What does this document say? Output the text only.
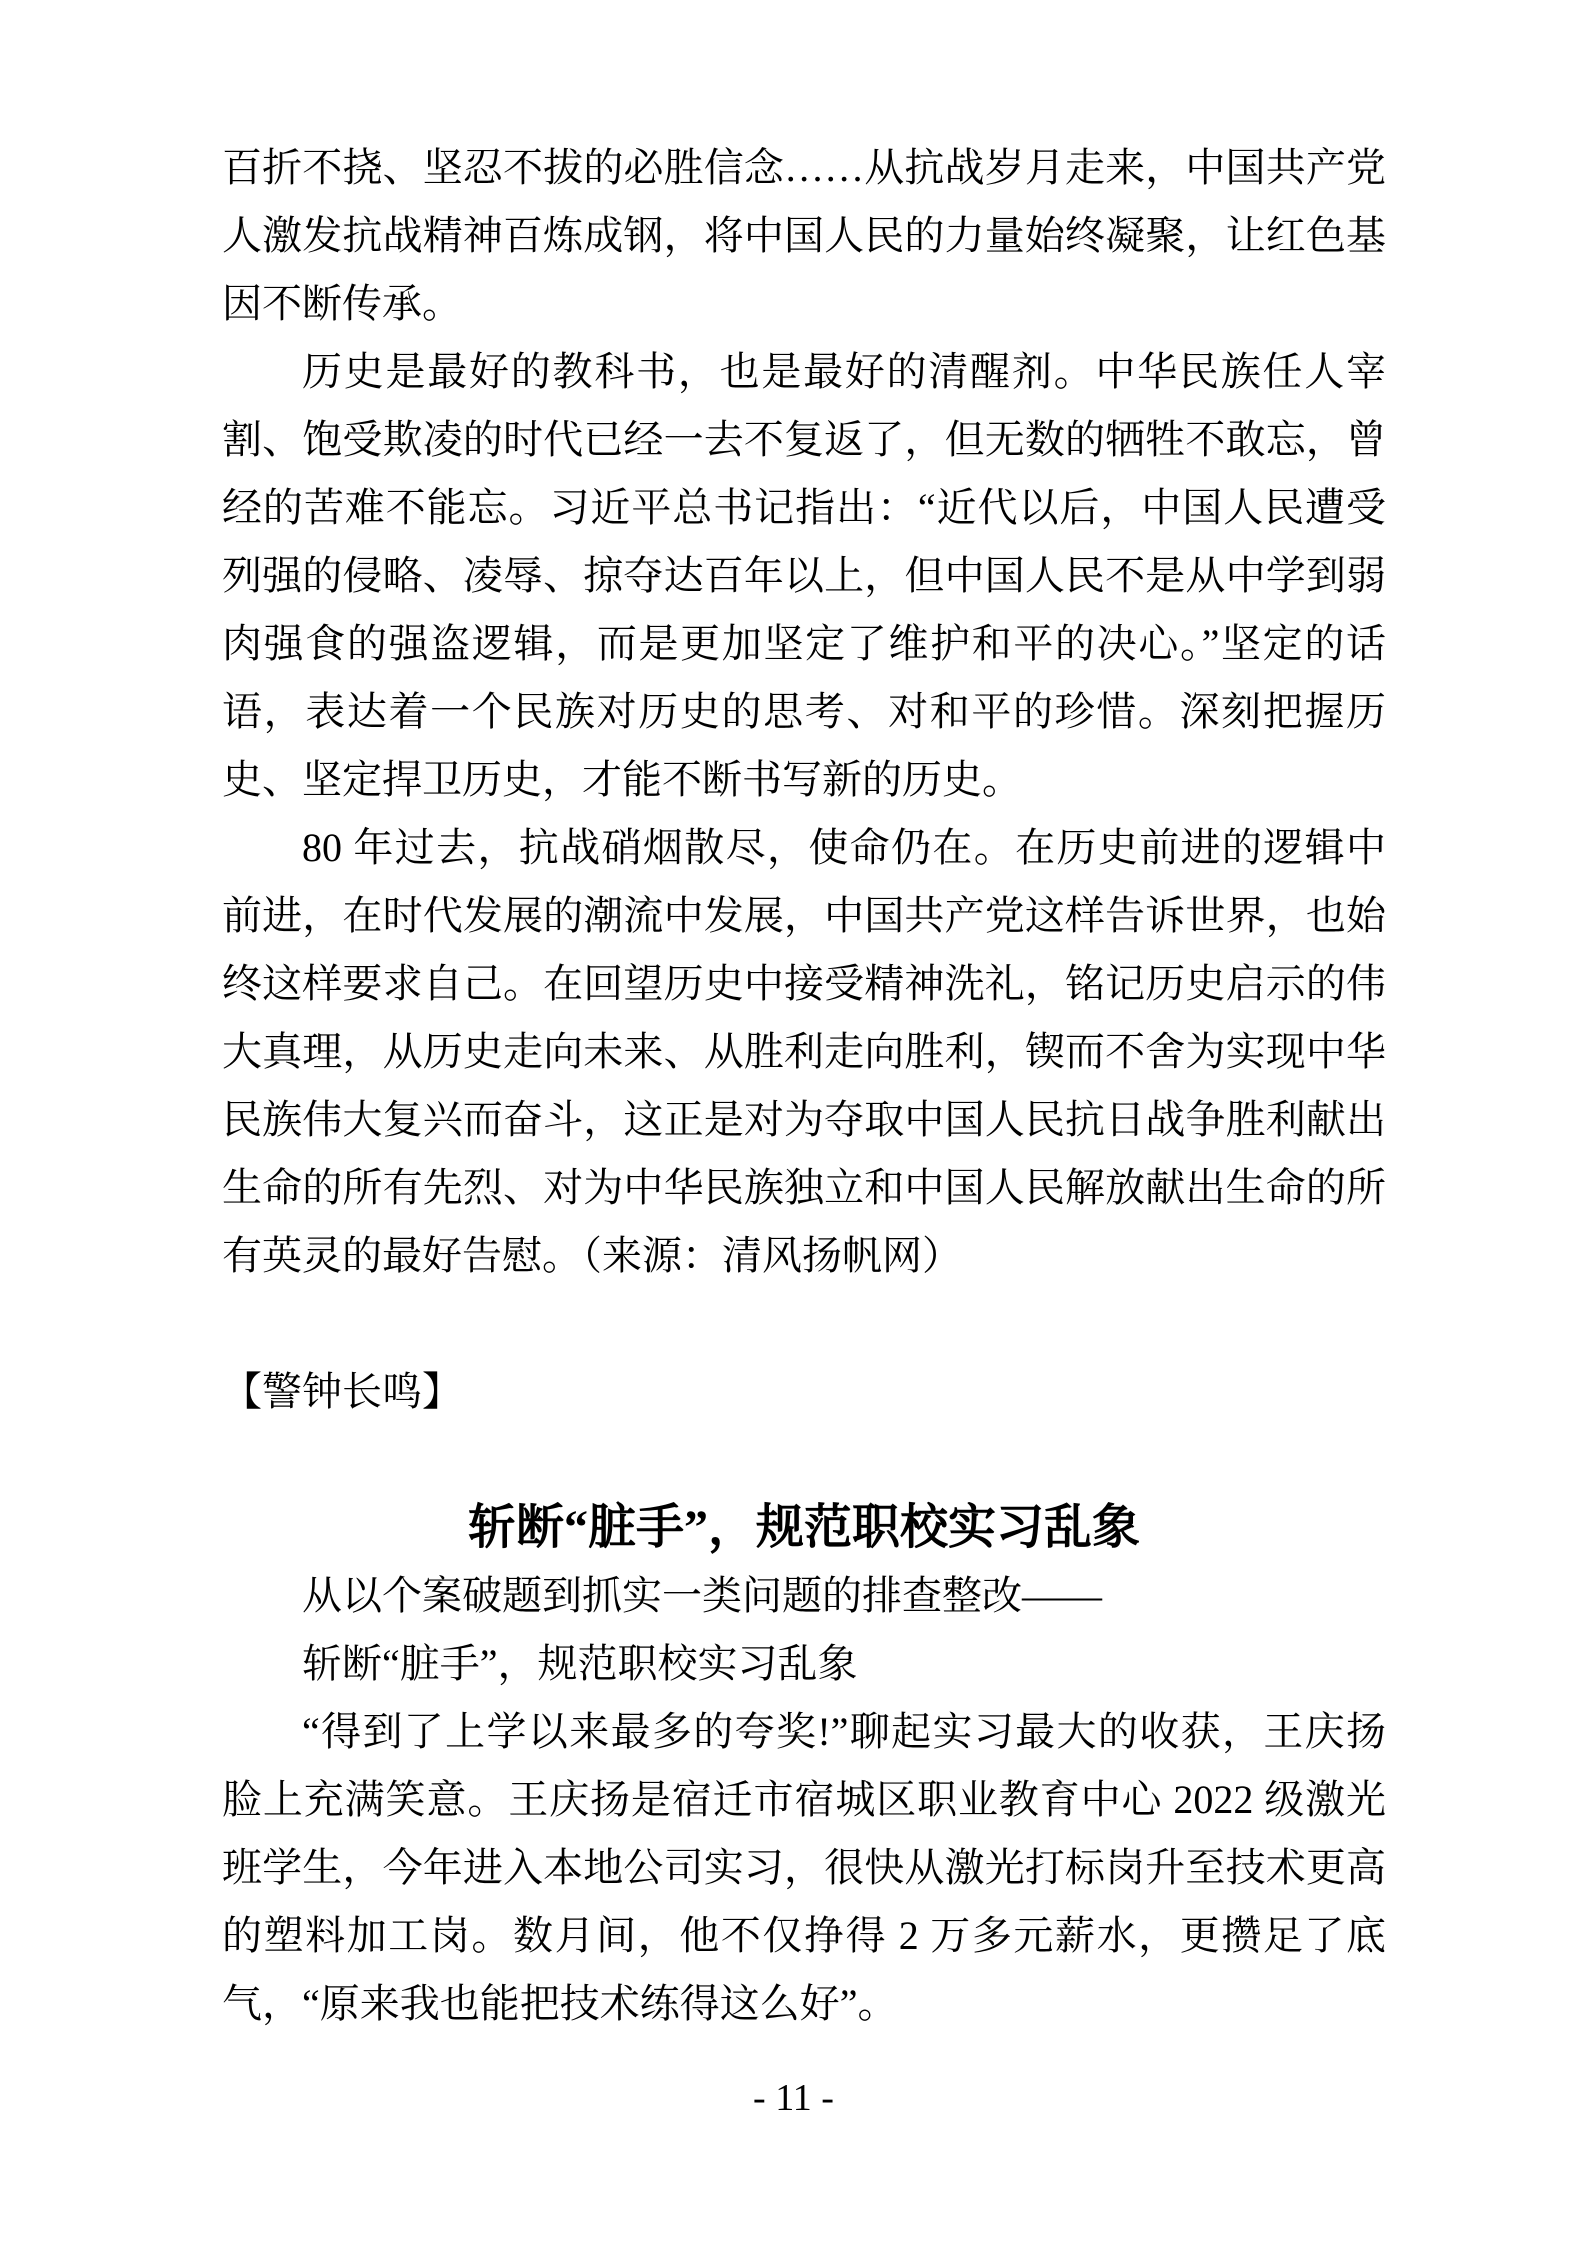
百折不挠、坚忍不拔的必胜信念……从抗战岁月走来，中国共产党人激发抗战精神百炼成钢，将中国人民的力量始终凝聚，让红色基因不断传承。

历史是最好的教科书，也是最好的清醒剂。中华民族任人宰割、饱受欺凌的时代已经一去不复返了，但无数的牺牲不敢忘，曾经的苦难不能忘。习近平总书记指出：“近代以后，中国人民遭受列强的侵略、凌辱、掠夺达百年以上，但中国人民不是从中学到弱肉强食的强盗逻辑，而是更加坚定了维护和平的决心。”坚定的话语，表达着一个民族对历史的思考、对和平的珍惜。深刻把握历史、坚定捍卫历史，才能不断书写新的历史。

80 年过去，抗战硝烟散尽，使命仍在。在历史前进的逻辑中前进，在时代发展的潮流中发展，中国共产党这样告诉世界，也始终这样要求自己。在回望历史中接受精神洗礼，铭记历史启示的伟大真理，从历史走向未来、从胜利走向胜利，锲而不舍为实现中华民族伟大复兴而奋斗，这正是对为夺取中国人民抗日战争胜利献出生命的所有先烈、对为中华民族独立和中国人民解放献出生命的所有英灵的最好告慰。（来源：清风扬帆网）

【警钟长鸣】

斩断“脏手”，规范职校实习乱象

从以个案破题到抓实一类问题的排查整改——

斩断“脏手”，规范职校实习乱象

“得到了上学以来最多的夸奖!”聊起实习最大的收获，王庆扬脸上充满笑意。王庆扬是宿迁市宿城区职业教育中心 2022 级激光班学生，今年进入本地公司实习，很快从激光打标岗升至技术更高的塑料加工岗。数月间，他不仅挣得 2 万多元薪水，更攒足了底气，“原来我也能把技术练得这么好”。

- 11 -
